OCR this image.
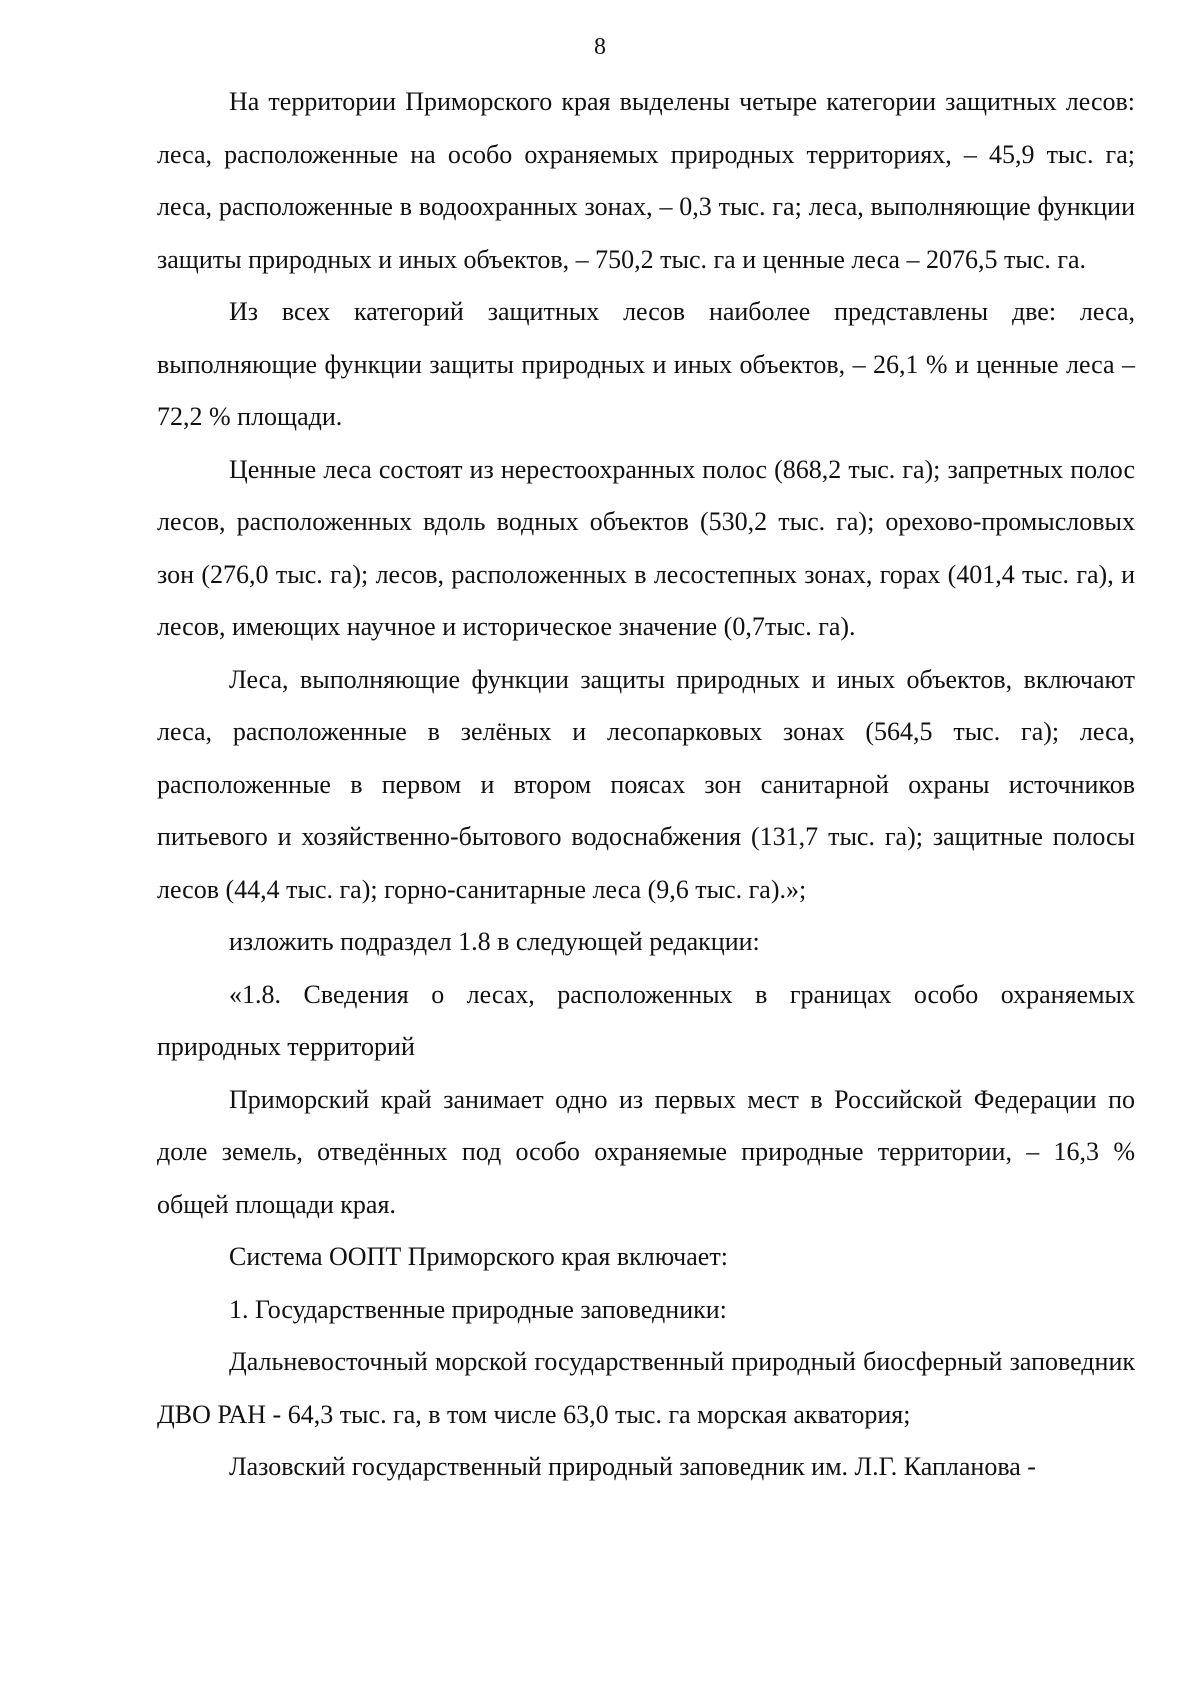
8

На территории Приморского края выделены четыре категории защитных лесов: леса, расположенные на особо охраняемых природных территориях, – 45,9 тыс. га; леса, расположенные в водоохранных зонах, – 0,3 тыс. га; леса, выполняющие функции защиты природных и иных объектов, – 750,2 тыс. га и ценные леса – 2076,5 тыс. га.

Из всех категорий защитных лесов наиболее представлены две: леса, выполняющие функции защиты природных и иных объектов, – 26,1 % и ценные леса – 72,2 % площади.

Ценные леса состоят из нерестоохранных полос (868,2 тыс. га); запретных полос лесов, расположенных вдоль водных объектов (530,2 тыс. га); орехово-промысловых зон (276,0 тыс. га); лесов, расположенных в лесостепных зонах, горах (401,4 тыс. га), и лесов, имеющих научное и историческое значение (0,7тыс. га).

Леса, выполняющие функции защиты природных и иных объектов, включают леса, расположенные в зелёных и лесопарковых зонах (564,5 тыс. га); леса, расположенные в первом и втором поясах зон санитарной охраны источников питьевого и хозяйственно-бытового водоснабжения (131,7 тыс. га); защитные полосы лесов (44,4 тыс. га); горно-санитарные леса (9,6 тыс. га).»;

изложить подраздел 1.8 в следующей редакции:

«1.8. Сведения о лесах, расположенных в границах особо охраняемых природных территорий

Приморский край занимает одно из первых мест в Российской Федерации по доле земель, отведённых под особо охраняемые природные территории, – 16,3 % общей площади края.

Система ООПТ Приморского края включает:

1. Государственные природные заповедники:

Дальневосточный морской государственный природный биосферный заповедник ДВО РАН - 64,3 тыс. га, в том числе 63,0 тыс. га морская акватория;

Лазовский государственный природный заповедник им. Л.Г. Капланова -
